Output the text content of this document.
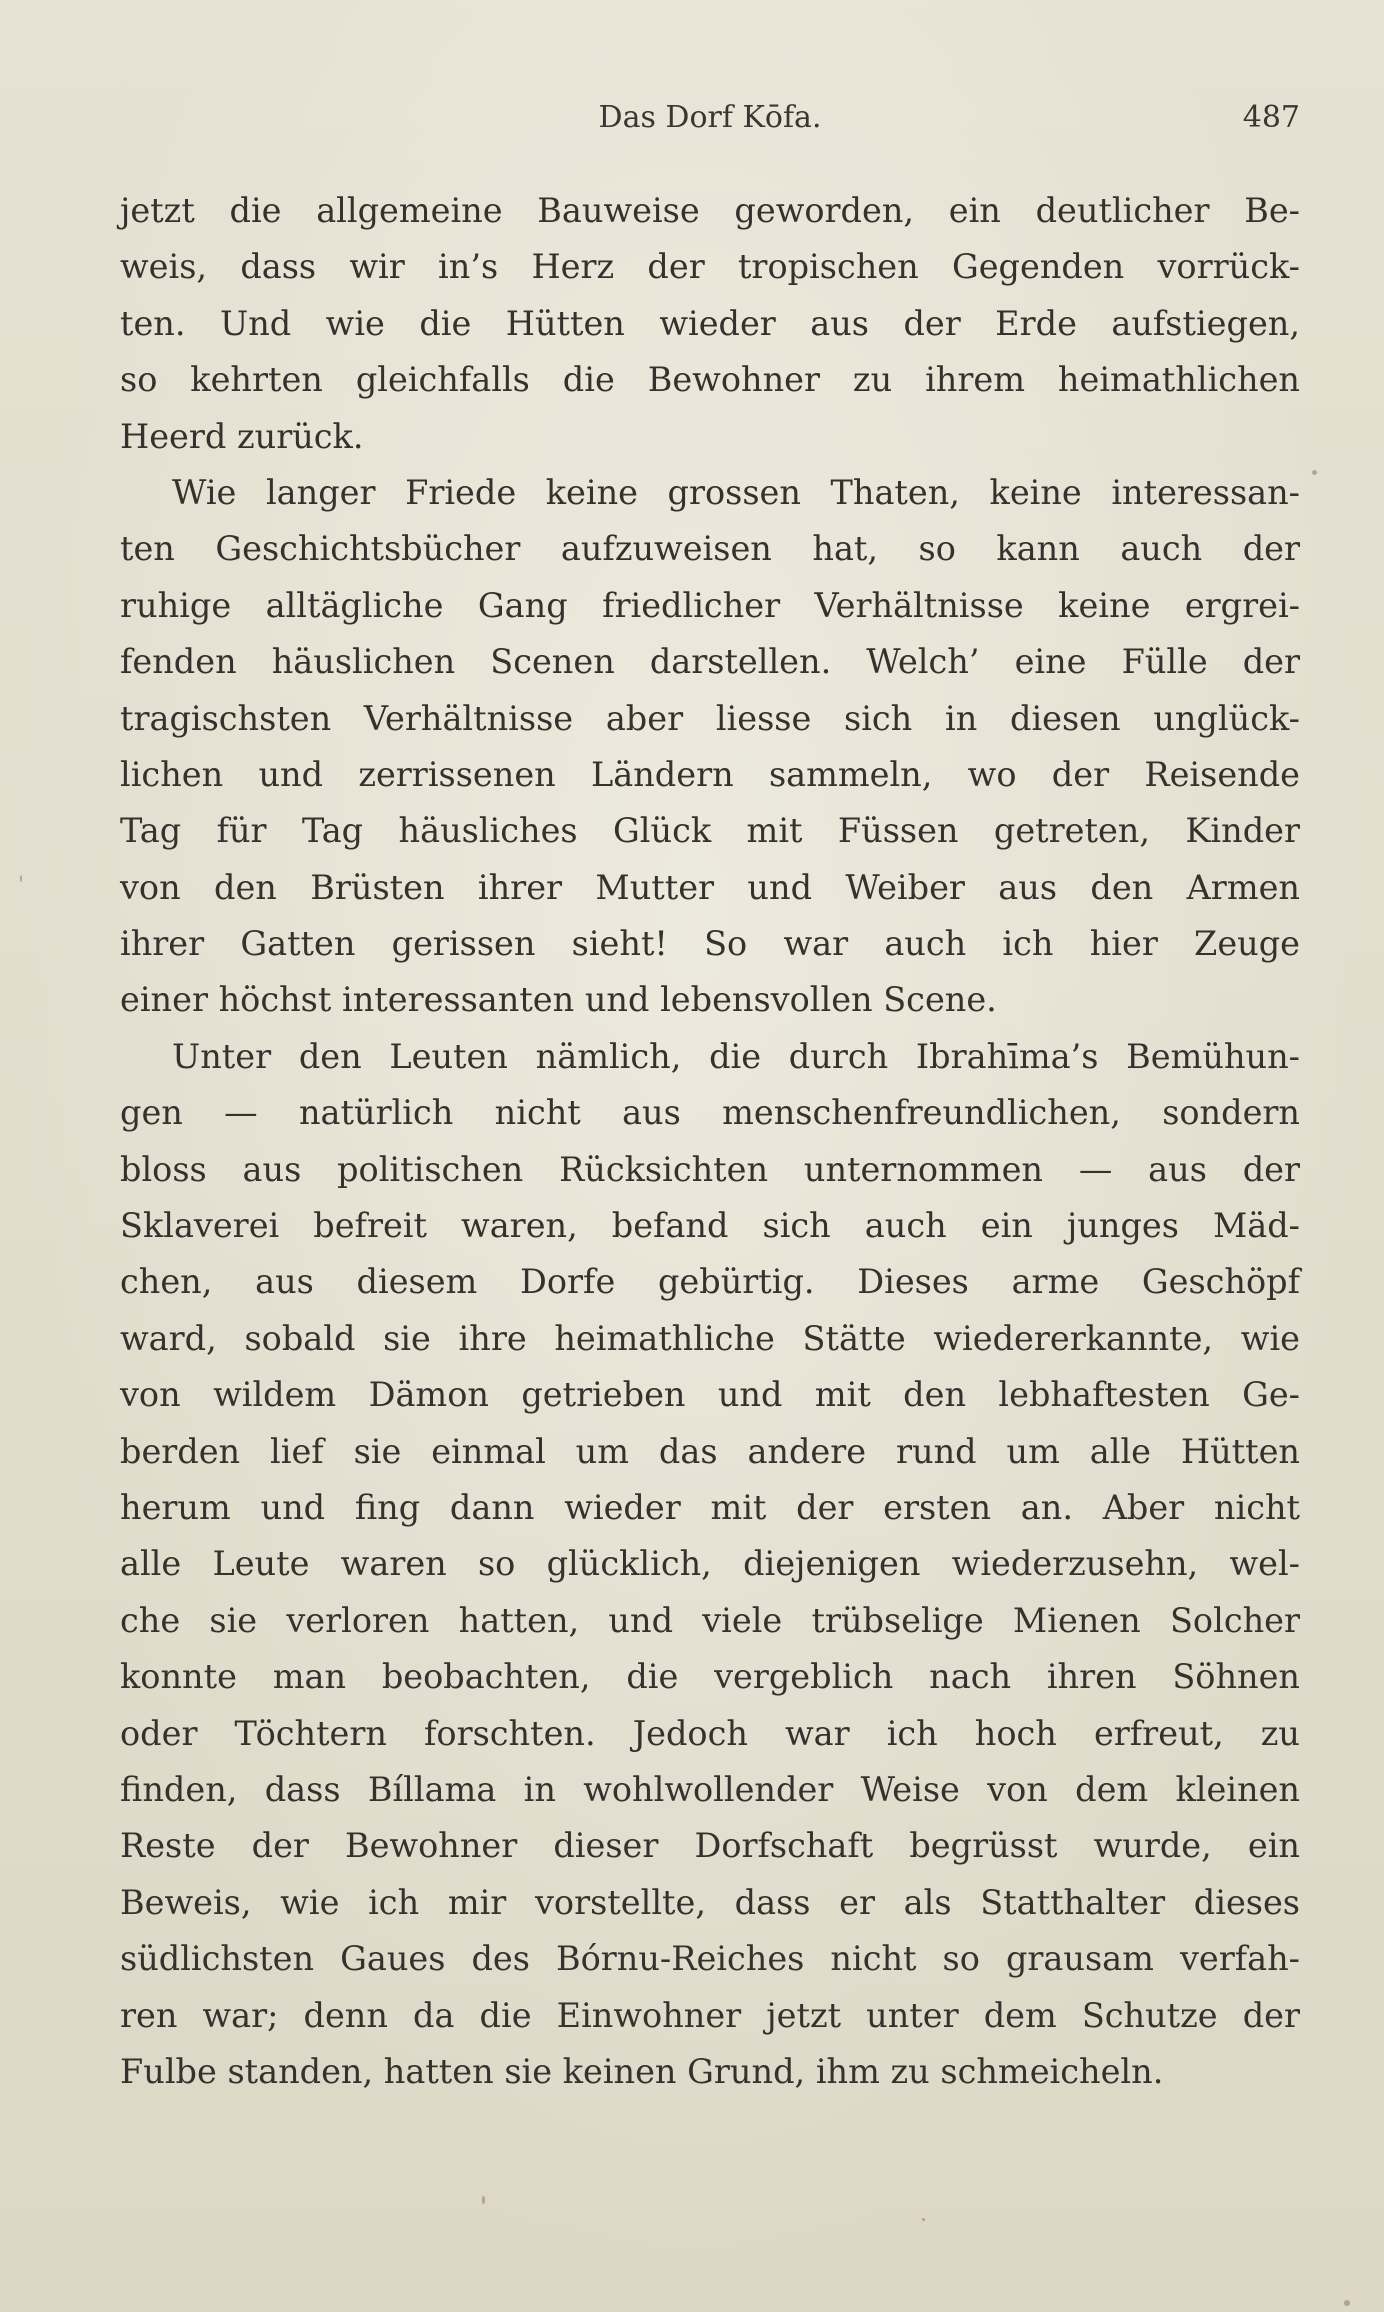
Das Dorf Kōfa.	487
jetzt die allgemeine Bauweise geworden, ein deutlicher Be-
weis, dass wir in’s Herz der tropischen Gegenden vorrück-
ten. Und wie die Hütten wieder aus der Erde aufstiegen,
so kehrten gleichfalls die Bewohner zu ihrem heimathlichen
Heerd zurück.
Wie langer Friede keine grossen Thaten, keine interessan-
ten Geschichtsbücher aufzuweisen hat, so kann auch der
ruhige alltägliche Gang friedlicher Verhältnisse keine ergrei-
fenden häuslichen Scenen darstellen. Welch’ eine Fülle der
tragischsten Verhältnisse aber liesse sich in diesen unglück-
lichen und zerrissenen Ländern sammeln, wo der Reisende
Tag für Tag häusliches Glück mit Füssen getreten, Kinder
von den Brüsten ihrer Mutter und Weiber aus den Armen
ihrer Gatten gerissen sieht! So war auch ich hier Zeuge
einer höchst interessanten und lebensvollen Scene.
Unter den Leuten nämlich, die durch Ibrahīma’s Bemühun-
gen — natürlich nicht aus menschenfreundlichen, sondern
bloss aus politischen Rücksichten unternommen — aus der
Sklaverei befreit waren, befand sich auch ein junges Mäd-
chen, aus diesem Dorfe gebürtig. Dieses arme Geschöpf
ward, sobald sie ihre heimathliche Stätte wiedererkannte, wie
von wildem Dämon getrieben und mit den lebhaftesten Ge-
berden lief sie einmal um das andere rund um alle Hütten
herum und fing dann wieder mit der ersten an. Aber nicht
alle Leute waren so glücklich, diejenigen wiederzusehn, wel-
che sie verloren hatten, und viele trübselige Mienen Solcher
konnte man beobachten, die vergeblich nach ihren Söhnen
oder Töchtern forschten. Jedoch war ich hoch erfreut, zu
finden, dass Bíllama in wohlwollender Weise von dem kleinen
Reste der Bewohner dieser Dorfschaft begrüsst wurde, ein
Beweis, wie ich mir vorstellte, dass er als Statthalter dieses
südlichsten Gaues des Bórnu-Reiches nicht so grausam verfah-
ren war; denn da die Einwohner jetzt unter dem Schutze der
Fulbe standen, hatten sie keinen Grund, ihm zu schmeicheln.
